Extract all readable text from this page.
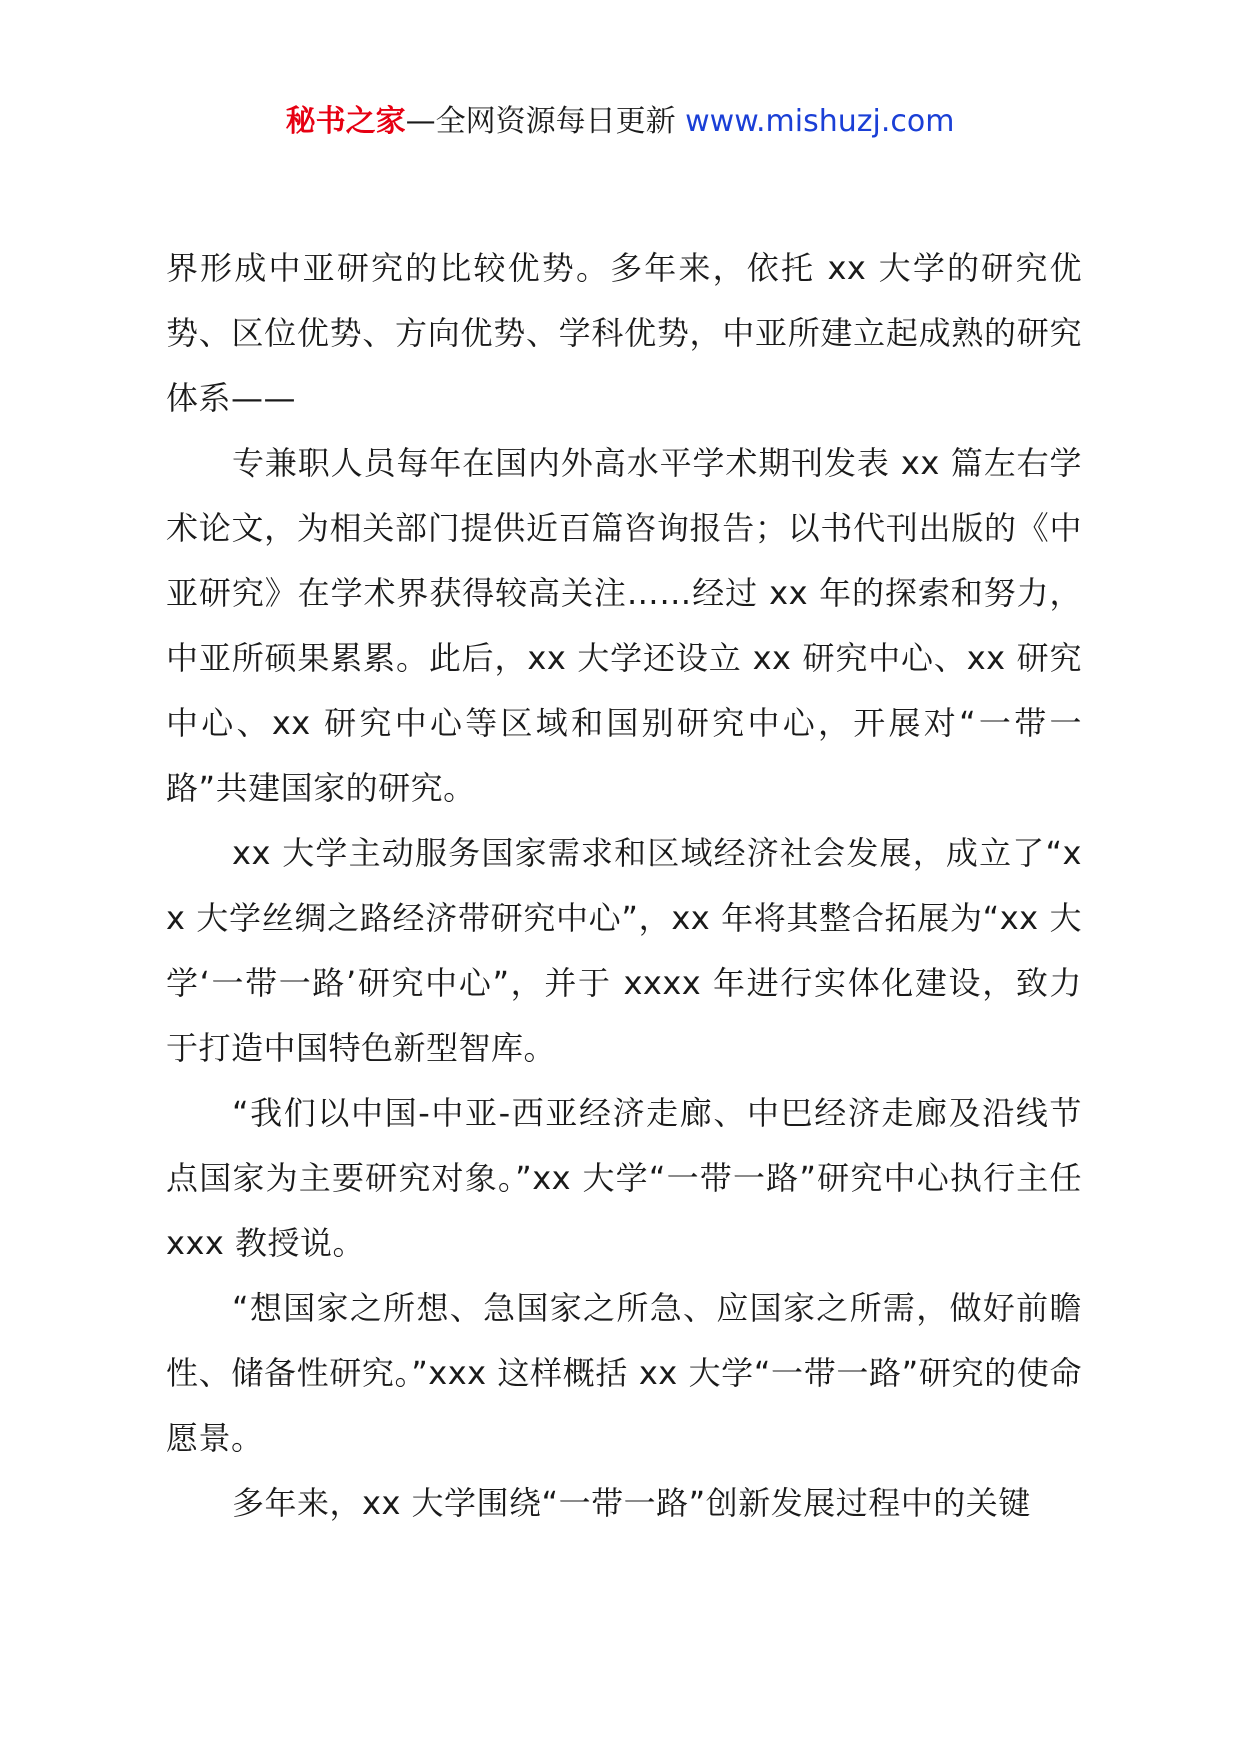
秘书之家—全网资源每日更新 www.mishuzj.com

界形成中亚研究的比较优势。多年来，依托 xx 大学的研究优势、区位优势、方向优势、学科优势，中亚所建立起成熟的研究体系——

专兼职人员每年在国内外高水平学术期刊发表 xx 篇左右学术论文，为相关部门提供近百篇咨询报告；以书代刊出版的《中亚研究》在学术界获得较高关注……经过 xx 年的探索和努力，中亚所硕果累累。此后，xx 大学还设立 xx 研究中心、xx 研究中心、xx 研究中心等区域和国别研究中心，开展对“一带一路”共建国家的研究。

xx 大学主动服务国家需求和区域经济社会发展，成立了“xx 大学丝绸之路经济带研究中心”，xx 年将其整合拓展为“xx 大学‘一带一路’研究中心”，并于 xxxx 年进行实体化建设，致力于打造中国特色新型智库。

“我们以中国-中亚-西亚经济走廊、中巴经济走廊及沿线节点国家为主要研究对象。”xx 大学“一带一路”研究中心执行主任 xxx 教授说。

“想国家之所想、急国家之所急、应国家之所需，做好前瞻性、储备性研究。”xxx 这样概括 xx 大学“一带一路”研究的使命愿景。

多年来，xx 大学围绕“一带一路”创新发展过程中的关键
